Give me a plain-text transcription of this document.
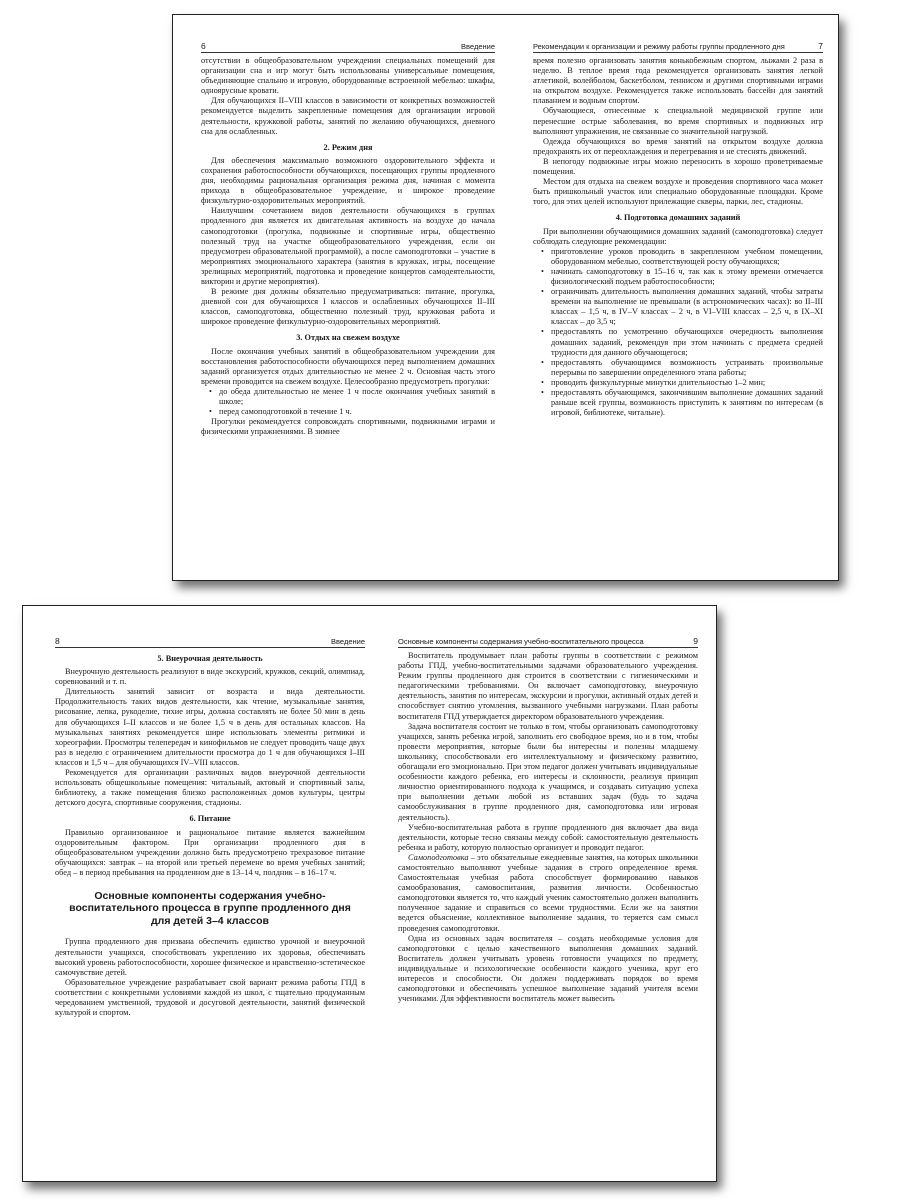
6	Введение

отсутствии в общеобразовательном учреждении специальных помещений для организации сна и игр могут быть использованы универсальные помещения, объединяющие спальню и игровую, оборудованные встроенной мебелью: шкафы, одноярусные кровати.

Для обучающихся II–VIII классов в зависимости от конкретных возможностей рекомендуется выделить закрепленные помещения для организации игровой деятельности, кружковой работы, занятий по желанию обучающихся, дневного сна для ослабленных.

2. Режим дня

Для обеспечения максимально возможного оздоровительного эффекта и сохранения работоспособности обучающихся, посещающих группы продленного дня, необходимы рациональная организация режима дня, начиная с момента прихода в общеобразовательное учреждение, и широкое проведение физкультурно-оздоровительных мероприятий.

Наилучшим сочетанием видов деятельности обучающихся в группах продленного дня является их двигательная активность на воздухе до начала самоподготовки (прогулка, подвижные и спортивные игры, общественно полезный труд на участке общеобразовательного учреждения, если он предусмотрен образовательной программой), а после самоподготовки – участие в мероприятиях эмоционального характера (занятия в кружках, игры, посещение зрелищных мероприятий, подготовка и проведение концертов самодеятельности, викторин и другие мероприятия).

В режиме дня должны обязательно предусматриваться: питание, прогулка, дневной сон для обучающихся I классов и ослабленных обучающихся II–III классов, самоподготовка, общественно полезный труд, кружковая работа и широкое проведение физкультурно-оздоровительных мероприятий.

3. Отдых на свежем воздухе

После окончания учебных занятий в общеобразовательном учреждении для восстановления работоспособности обучающихся перед выполнением домашних заданий организуется отдых длительностью не менее 2 ч. Основная часть этого времени проводится на свежем воздухе. Целесообразно предусмотреть прогулки:

• до обеда длительностью не менее 1 ч после окончания учебных занятий в школе;
• перед самоподготовкой в течение 1 ч.

Прогулки рекомендуется сопровождать спортивными, подвижными играми и физическими упражнениями. В зимнее

Рекомендации к организации и режиму работы группы продленного дня	7

время полезно организовать занятия конькобежным спортом, лыжами 2 раза в неделю. В теплое время года рекомендуется организовать занятия легкой атлетикой, волейболом, баскетболом, теннисом и другими спортивными играми на открытом воздухе. Рекомендуется также использовать бассейн для занятий плаванием и водным спортом.

Обучающиеся, отнесенные к специальной медицинской группе или перенесшие острые заболевания, во время спортивных и подвижных игр выполняют упражнения, не связанные со значительной нагрузкой.

Одежда обучающихся во время занятий на открытом воздухе должна предохранять их от переохлаждения и перегревания и не стеснять движений.

В непогоду подвижные игры можно переносить в хорошо проветриваемые помещения.

Местом для отдыха на свежем воздухе и проведения спортивного часа может быть пришкольный участок или специально оборудованные площадки. Кроме того, для этих целей используют прилежащие скверы, парки, лес, стадионы.

4. Подготовка домашних заданий

При выполнении обучающимися домашних заданий (самоподготовка) следует соблюдать следующие рекомендации:

• приготовление уроков проводить в закрепленном учебном помещении, оборудованном мебелью, соответствующей росту обучающихся;
• начинать самоподготовку в 15–16 ч, так как к этому времени отмечается физиологический подъем работоспособности;
• ограничивать длительность выполнения домашних заданий, чтобы затраты времени на выполнение не превышали (в астрономических часах): во II–III классах – 1,5 ч, в IV–V классах – 2 ч, в VI–VIII классах – 2,5 ч, в IX–XI классах – до 3,5 ч;
• предоставлять по усмотрению обучающихся очередность выполнения домашних заданий, рекомендуя при этом начинать с предмета средней трудности для данного обучающегося;
• предоставлять обучающимся возможность устраивать произвольные перерывы по завершении определенного этапа работы;
• проводить физкультурные минутки длительностью 1–2 мин;
• предоставлять обучающимся, закончившим выполнение домашних заданий раньше всей группы, возможность приступить к занятиям по интересам (в игровой, библиотеке, читальне).
8	Введение
5. Внеурочная деятельность

Внеурочную деятельность реализуют в виде экскурсий, кружков, секций, олимпиад, соревнований и т. п.

Длительность занятий зависит от возраста и вида деятельности. Продолжительность таких видов деятельности, как чтение, музыкальные занятия, рисование, лепка, рукоделие, тихие игры, должна составлять не более 50 мин в день для обучающихся I–II классов и не более 1,5 ч в день для остальных классов. На музыкальных занятиях рекомендуется шире использовать элементы ритмики и хореографии. Просмотры телепередач и кинофильмов не следует проводить чаще двух раз в неделю с ограничением длительности просмотра до 1 ч для обучающихся I–III классов и 1,5 ч – для обучающихся IV–VIII классов.

Рекомендуется для организации различных видов внеурочной деятельности использовать общешкольные помещения: читальный, актовый и спортивный залы, библиотеку, а также помещения близко расположенных домов культуры, центры детского досуга, спортивные сооружения, стадионы.

6. Питание

Правильно организованное и рациональное питание является важнейшим оздоровительным фактором. При организации продленного дня в общеобразовательном учреждении должно быть предусмотрено трехразовое питание обучающихся: завтрак – на второй или третьей перемене во время учебных занятий; обед – в период пребывания на продленном дне в 13–14 ч, полдник – в 16–17 ч.

Основные компоненты содержания учебно-воспитательного процесса в группе продленного дня для детей 3–4 классов

Группа продленного дня призвана обеспечить единство урочной и внеурочной деятельности учащихся, способствовать укреплению их здоровья, обеспечивать высокий уровень работоспособности, хорошее физическое и нравственно-эстетическое самочувствие детей.

Образовательное учреждение разрабатывает свой вариант режима работы ГПД в соответствии с конкретными условиями каждой из школ, с тщательно продуманным чередованием умственной, трудовой и досуговой деятельности, занятий физической культурой и спортом.

Основные компоненты содержания учебно-воспитательного процесса	9

Воспитатель продумывает план работы группы в соответствии с режимом работы ГПД, учебно-воспитательными задачами образовательного учреждения. Режим группы продленного дня строится в соответствии с гигиеническими и педагогическими требованиями. Он включает самоподготовку, внеурочную деятельность, занятия по интересам, экскурсии и прогулки, активный отдых детей и способствует снятию утомления, вызванного учебными нагрузками. План работы воспитателя ГПД утверждается директором образовательного учреждения.

Задача воспитателя состоит не только в том, чтобы организовать самоподготовку учащихся, занять ребенка игрой, заполнить его свободное время, но и в том, чтобы провести мероприятия, которые были бы интересны и полезны младшему школьнику, способствовали его интеллектуальному и физическому развитию, обогащали его эмоционально. При этом педагог должен учитывать индивидуальные особенности каждого ребенка, его интересы и склонности, реализуя принцип личностно ориентированного подхода к учащимся, и создавать ситуацию успеха при выполнении детьми любой из вставших задач (будь то задача самообслуживания в группе продленного дня, самоподготовка или игровая деятельность).

Учебно-воспитательная работа в группе продленного дня включает два вида деятельности, которые тесно связаны между собой: самостоятельную деятельность ребенка и работу, которую полностью организует и проводит педагог.

Самоподготовка – это обязательные ежедневные занятия, на которых школьники самостоятельно выполняют учебные задания в строго определенное время. Самостоятельная учебная работа способствует формированию навыков самообразования, самовоспитания, развития личности. Особенностью самоподготовки является то, что каждый ученик самостоятельно должен выполнить полученное задание и справиться со всеми трудностями. Если же на занятии ведется объяснение, коллективное выполнение задания, то теряется сам смысл проведения самоподготовки.

Одна из основных задач воспитателя – создать необходимые условия для самоподготовки с целью качественного выполнения домашних заданий. Воспитатель должен учитывать уровень готовности учащихся по предмету, индивидуальные и психологические особенности каждого ученика, круг его интересов и способности. Он должен поддерживать порядок во время самоподготовки и обеспечивать успешное выполнение заданий учителя всеми учениками. Для эффективности воспитатель может вывесить
